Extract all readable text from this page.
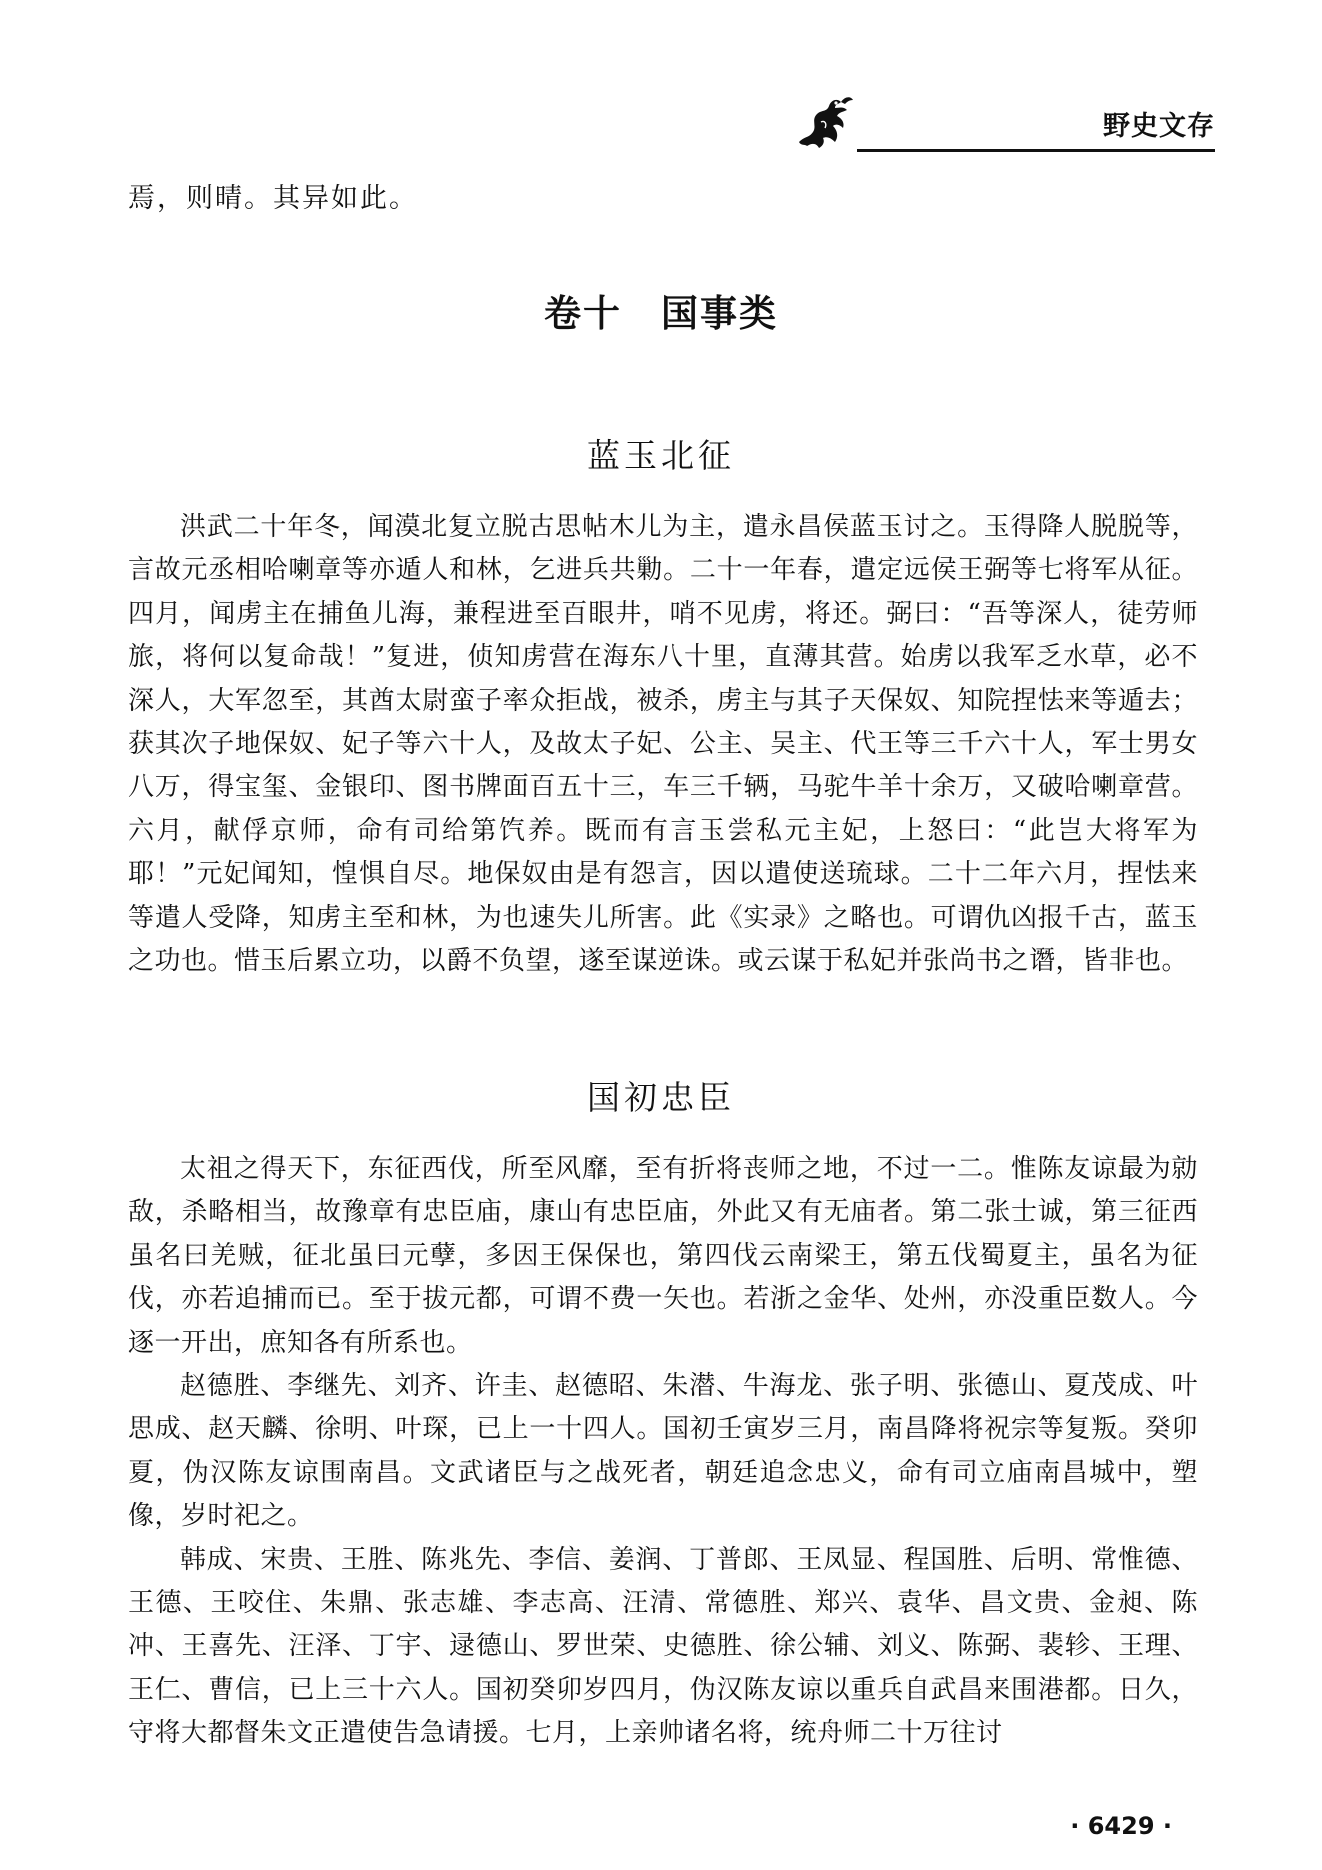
野史文存
焉，则晴。其异如此。
卷十　国事类
蓝玉北征

洪武二十年冬，闻漠北复立脱古思帖木儿为主，遣永昌侯蓝玉讨之。玉得降人脱脱等，言故元丞相哈喇章等亦遁人和林，乞进兵共勦。二十一年春，遣定远侯王弼等七将军从征。四月，闻虏主在捕鱼儿海，兼程进至百眼井，哨不见虏，将还。弼曰：“吾等深人，徒劳师旅，将何以复命哉！”复进，侦知虏营在海东八十里，直薄其营。始虏以我军乏水草，必不深人，大军忽至，其酋太尉蛮子率众拒战，被杀，虏主与其子天保奴、知院捏怯来等遁去；获其次子地保奴、妃子等六十人，及故太子妃、公主、吴主、代王等三千六十人，军士男女八万，得宝玺、金银印、图书牌面百五十三，车三千辆，马驼牛羊十余万，又破哈喇章营。六月，献俘京师，命有司给第饩养。既而有言玉尝私元主妃，上怒曰：“此岂大将军为耶！”元妃闻知，惶惧自尽。地保奴由是有怨言，因以遣使送琉球。二十二年六月，捏怯来等遣人受降，知虏主至和林，为也速失儿所害。此《实录》之略也。可谓仇凶报千古，蓝玉之功也。惜玉后累立功，以爵不负望，遂至谋逆诛。或云谋于私妃并张尚书之谮，皆非也。

国初忠臣

太祖之得天下，东征西伐，所至风靡，至有折将丧师之地，不过一二。惟陈友谅最为勍敌，杀略相当，故豫章有忠臣庙，康山有忠臣庙，外此又有无庙者。第二张士诚，第三征西虽名曰羌贼，征北虽曰元孽，多因王保保也，第四伐云南梁王，第五伐蜀夏主，虽名为征伐，亦若追捕而已。至于拔元都，可谓不费一矢也。若浙之金华、处州，亦没重臣数人。今逐一开出，庶知各有所系也。

赵德胜、李继先、刘齐、许圭、赵德昭、朱潜、牛海龙、张子明、张德山、夏茂成、叶思成、赵天麟、徐明、叶琛，已上一十四人。国初壬寅岁三月，南昌降将祝宗等复叛。癸卯夏，伪汉陈友谅围南昌。文武诸臣与之战死者，朝廷追念忠义，命有司立庙南昌城中，塑像，岁时祀之。

韩成、宋贵、王胜、陈兆先、李信、姜润、丁普郎、王凤显、程国胜、后明、常惟德、王德、王咬住、朱鼎、张志雄、李志高、汪清、常德胜、郑兴、袁华、昌文贵、金昶、陈冲、王喜先、汪泽、丁宇、逯德山、罗世荣、史德胜、徐公辅、刘义、陈弼、裴轸、王理、王仁、曹信，已上三十六人。国初癸卯岁四月，伪汉陈友谅以重兵自武昌来围港都。日久，守将大都督朱文正遣使告急请援。七月，上亲帅诸名将，统舟师二十万往讨

· 6429 ·
